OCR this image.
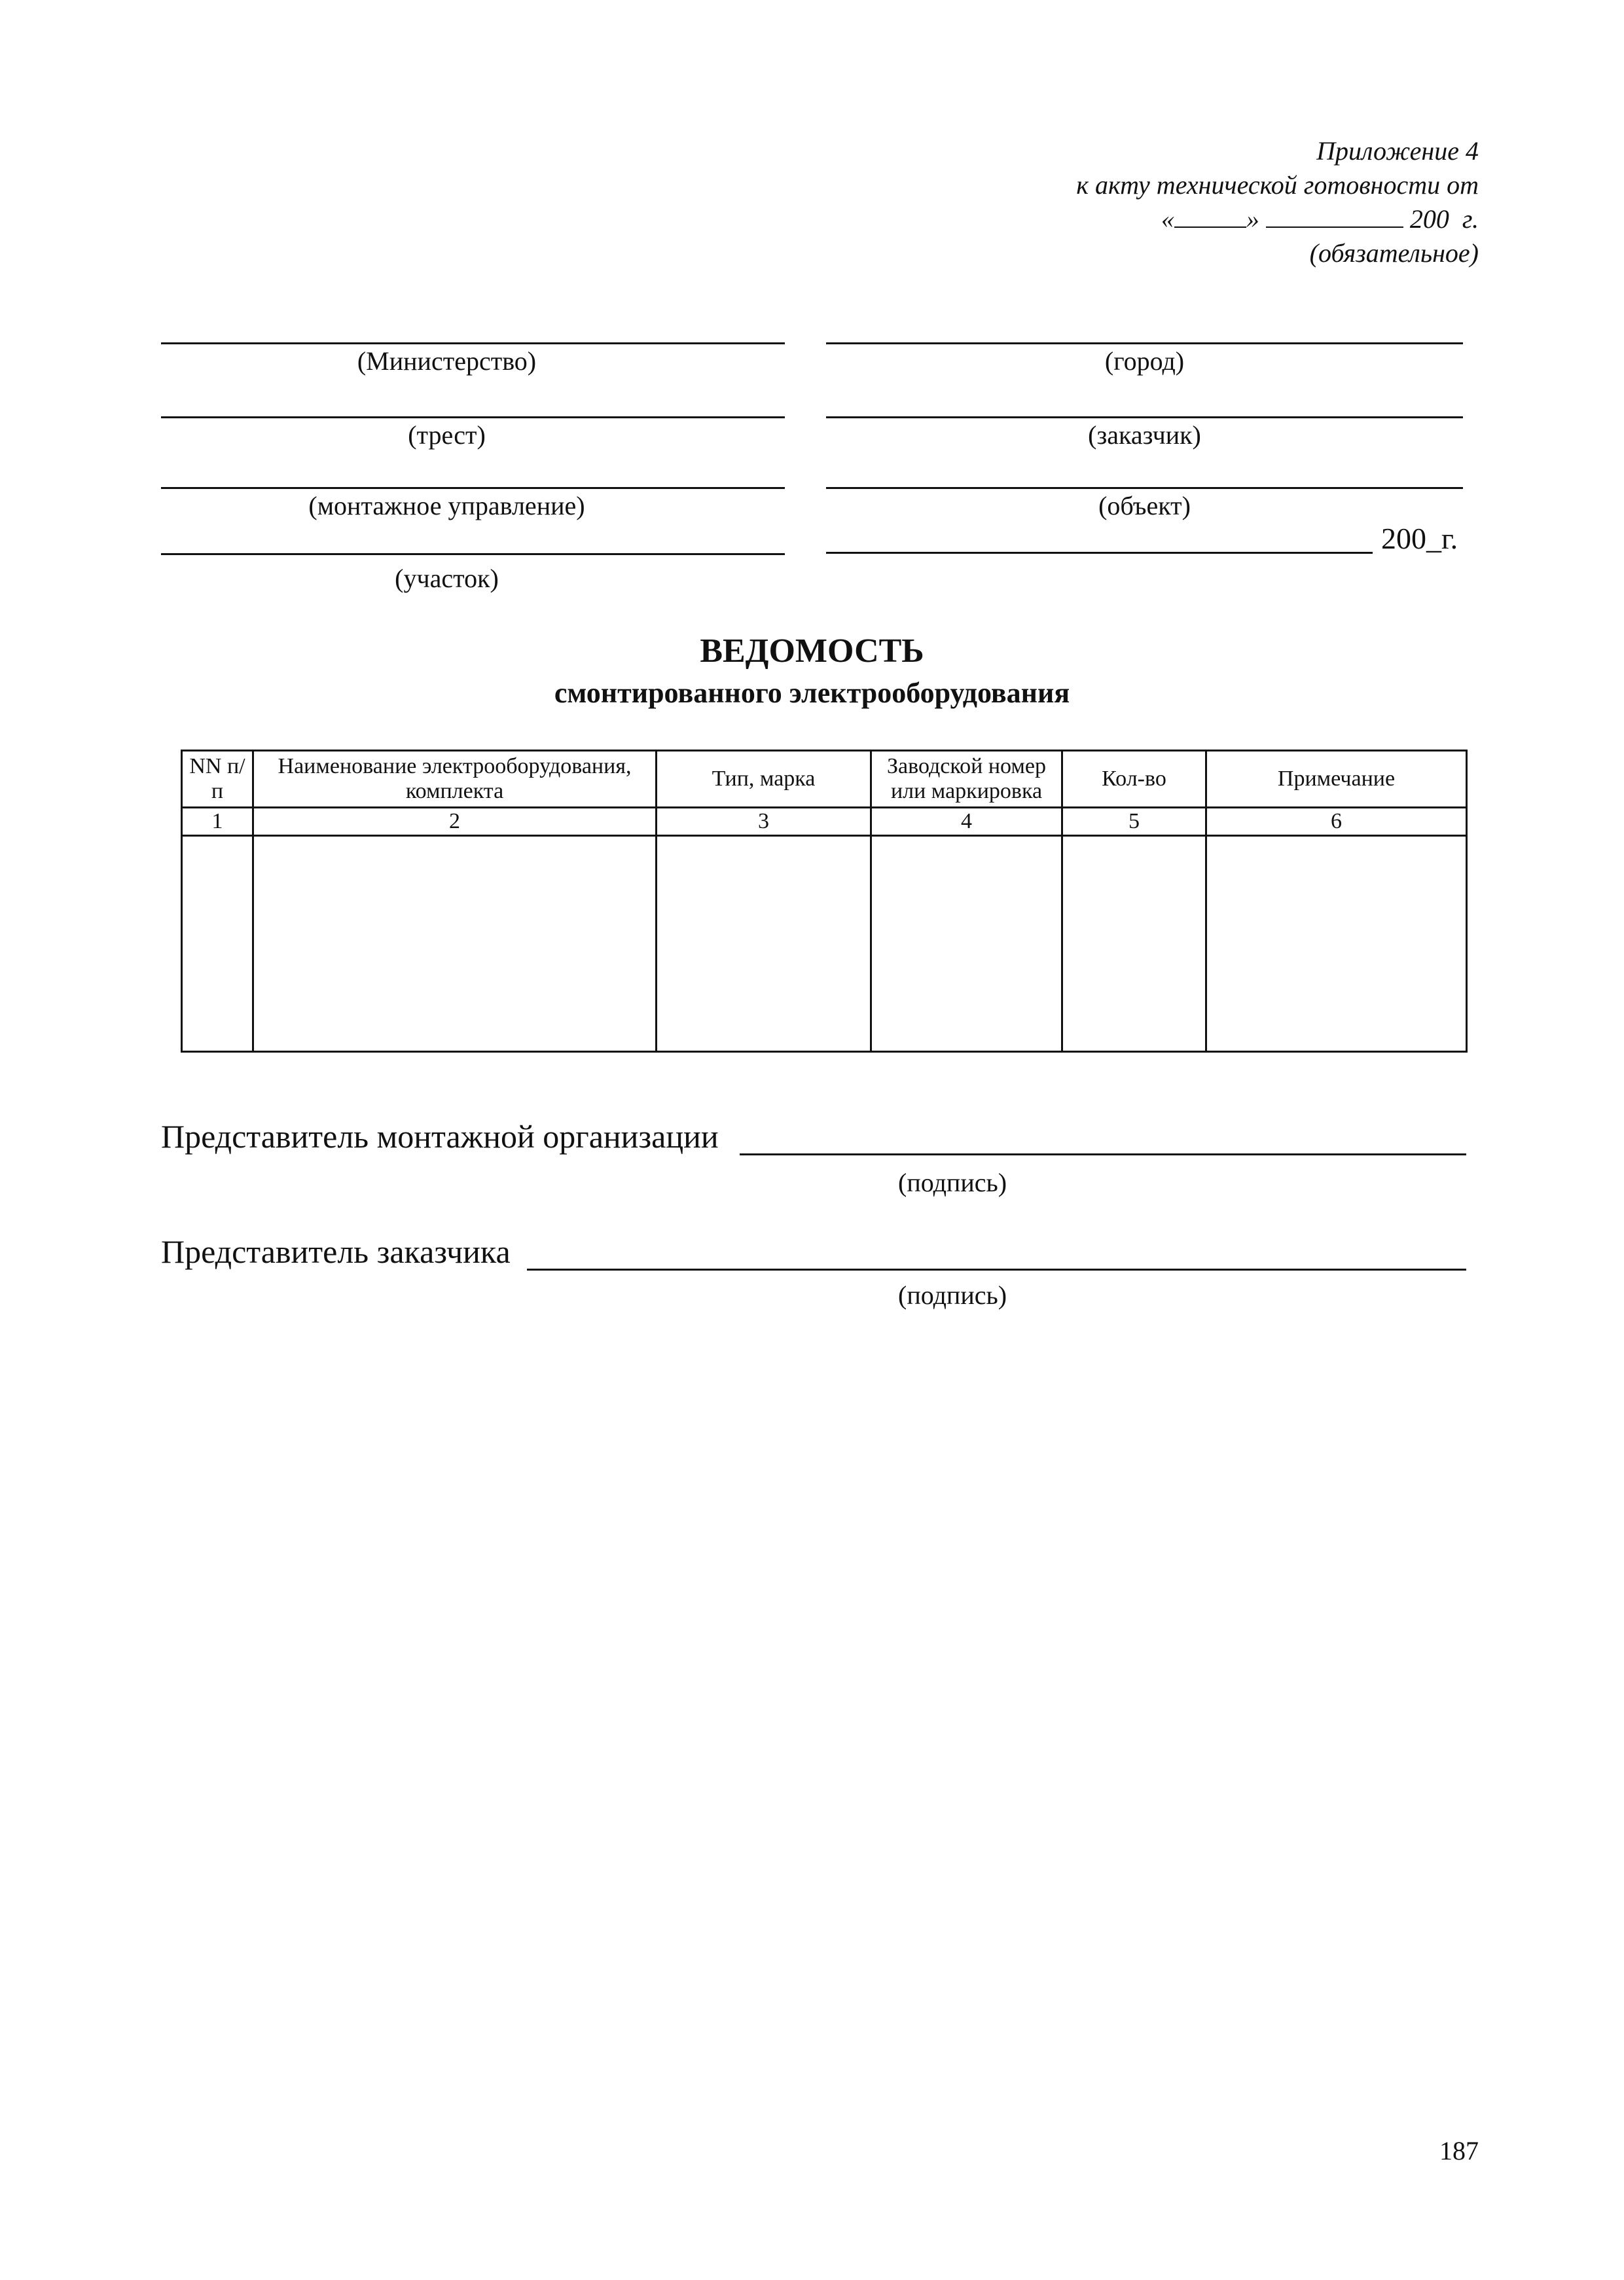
Приложение 4
к акту технической готовности от
«	»	200  г.
(обязательное)
(Министерство)
(трест)
(монтажное управление)
(участок)
(город)
(заказчик)
(объект)
200_г.
ВЕДОМОСТЬ
смонтированного электрооборудования
NN п/п	Наименование электрооборудования, комплекта	Тип, марка	Заводской номер или маркировка	Кол-во	Примечание
1	2	3	4	5	6

Представитель монтажной организации
(подпись)
Представитель заказчика
(подпись)
187
